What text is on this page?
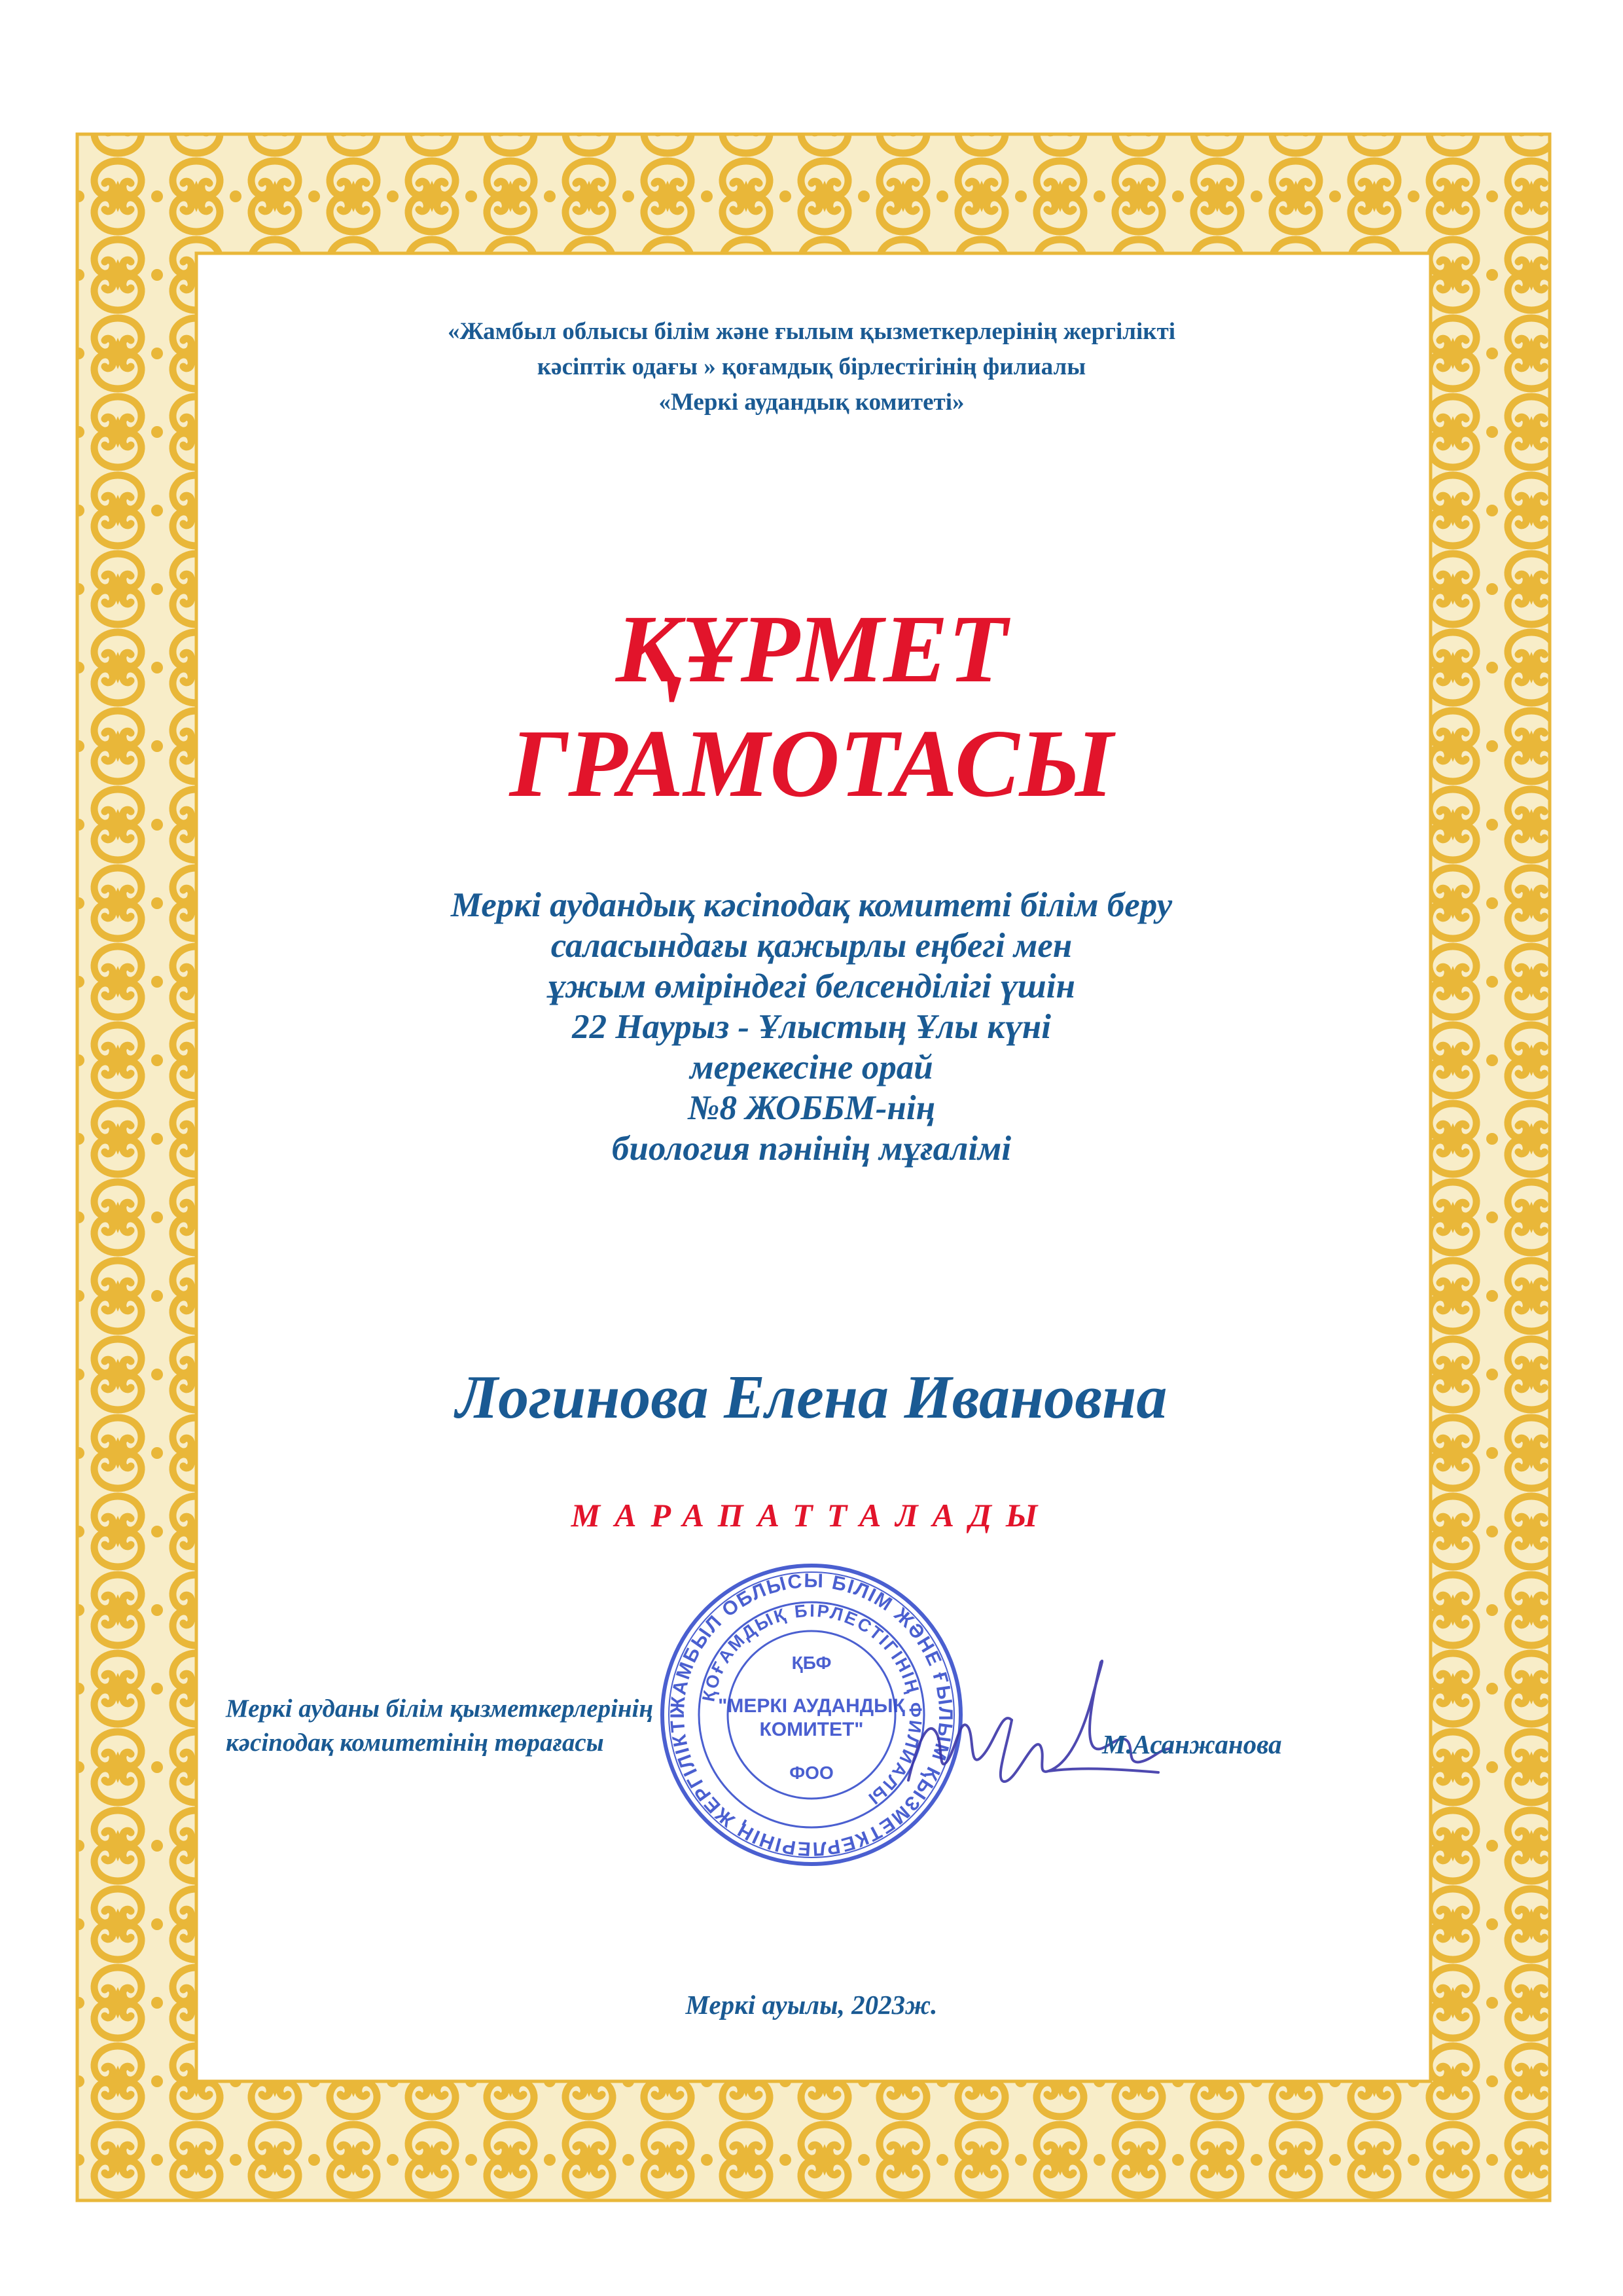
«Жамбыл облысы білім және ғылым қызметкерлерінің жергілікті
кәсіптік одағы » қоғамдық бірлестігінің филиалы
«Меркі аудандық комитеті»
ҚҰРМЕТ
ГРАМОТАСЫ
Меркі аудандық кәсіподақ комитеті білім беру
саласындағы қажырлы еңбегі мен
ұжым өміріндегі белсенділігі үшін
22 Наурыз - Ұлыстың Ұлы күні
мерекесіне орай
№8 ЖОББМ-нің
биология пәнінің мұғалімі
Логинова Елена Ивановна
МАРАПАТТАЛАДЫ
Меркі ауданы білім қызметкерлерінің
кәсіподақ комитетінің төрағасы
ЖАМБЫЛ ОБЛЫСЫ БІЛІМ ЖӘНЕ ҒЫЛЫМ ҚЫЗМЕТКЕРЛЕРІНІҢ ЖЕРГІЛІКТІ
ҚОҒАМДЫҚ БІРЛЕСТІГІНІҢ ФИЛИАЛЫ
ҚБФ
"МЕРКІ АУДАНДЫҚ
КОМИТЕТ"
ФОО
М.Асанжанова
Меркі ауылы, 2023ж.
